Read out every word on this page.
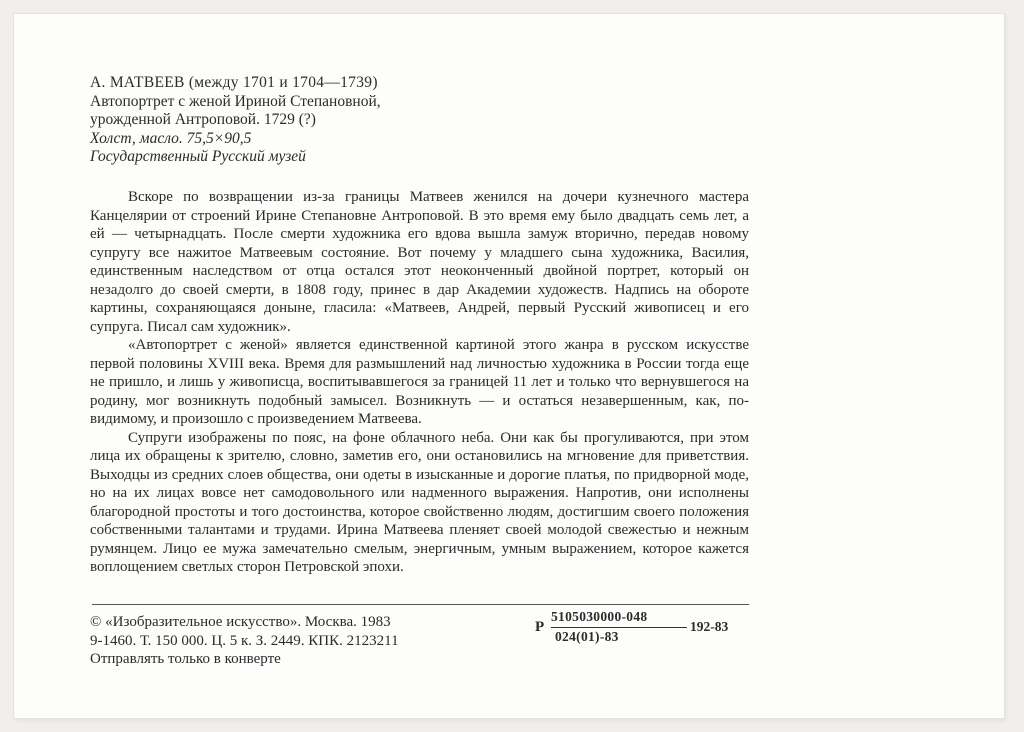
А. МАТВЕЕВ (между 1701 и 1704—1739)
Автопортрет с женой Ириной Степановной,
урожденной Антроповой. 1729 (?)
Холст, масло. 75,5×90,5
Государственный Русский музей

Вскоре по возвращении из-за границы Матвеев женился на дочери кузнечного мастера Канцелярии от строений Ирине Степановне Антроповой. В это время ему было двадцать семь лет, а ей — четырнадцать. После смерти художника его вдова вышла замуж вторично, передав новому супругу все нажитое Матвеевым состояние. Вот почему у младшего сына художника, Василия, единственным наследством от отца остался этот неоконченный двойной портрет, который он незадолго до своей смерти, в 1808 году, принес в дар Академии художеств. Надпись на обороте картины, сохраняющаяся доныне, гласила: «Матвеев, Андрей, первый Русский живописец и его супруга. Писал сам художник».

«Автопортрет с женой» является единственной картиной этого жанра в русском искусстве первой половины XVIII века. Время для размышлений над личностью художника в России тогда еще не пришло, и лишь у живописца, воспитывавшегося за границей 11 лет и только что вернувшегося на родину, мог возникнуть подобный замысел. Возникнуть — и остаться незавершенным, как, по-видимому, и произошло с произведением Матвеева.

Супруги изображены по пояс, на фоне облачного неба. Они как бы прогуливаются, при этом лица их обращены к зрителю, словно, заметив его, они остановились на мгновение для приветствия. Выходцы из средних слоев общества, они одеты в изысканные и дорогие платья, по придворной моде, но на их лицах вовсе нет самодовольного или надменного выражения. Напротив, они исполнены благородной простоты и того достоинства, которое свойственно людям, достигшим своего положения собственными талантами и трудами. Ирина Матвеева пленяет своей молодой свежестью и нежным румянцем. Лицо ее мужа замечательно смелым, энергичным, умным выражением, которое кажется воплощением светлых сторон Петровской эпохи.

© «Изобразительное искусство». Москва. 1983
9-1460. Т. 150 000. Ц. 5 к. З. 2449. КПК. 2123211
Отправлять только в конверте
Р
5105030000-048
024(01)-83
192-83
